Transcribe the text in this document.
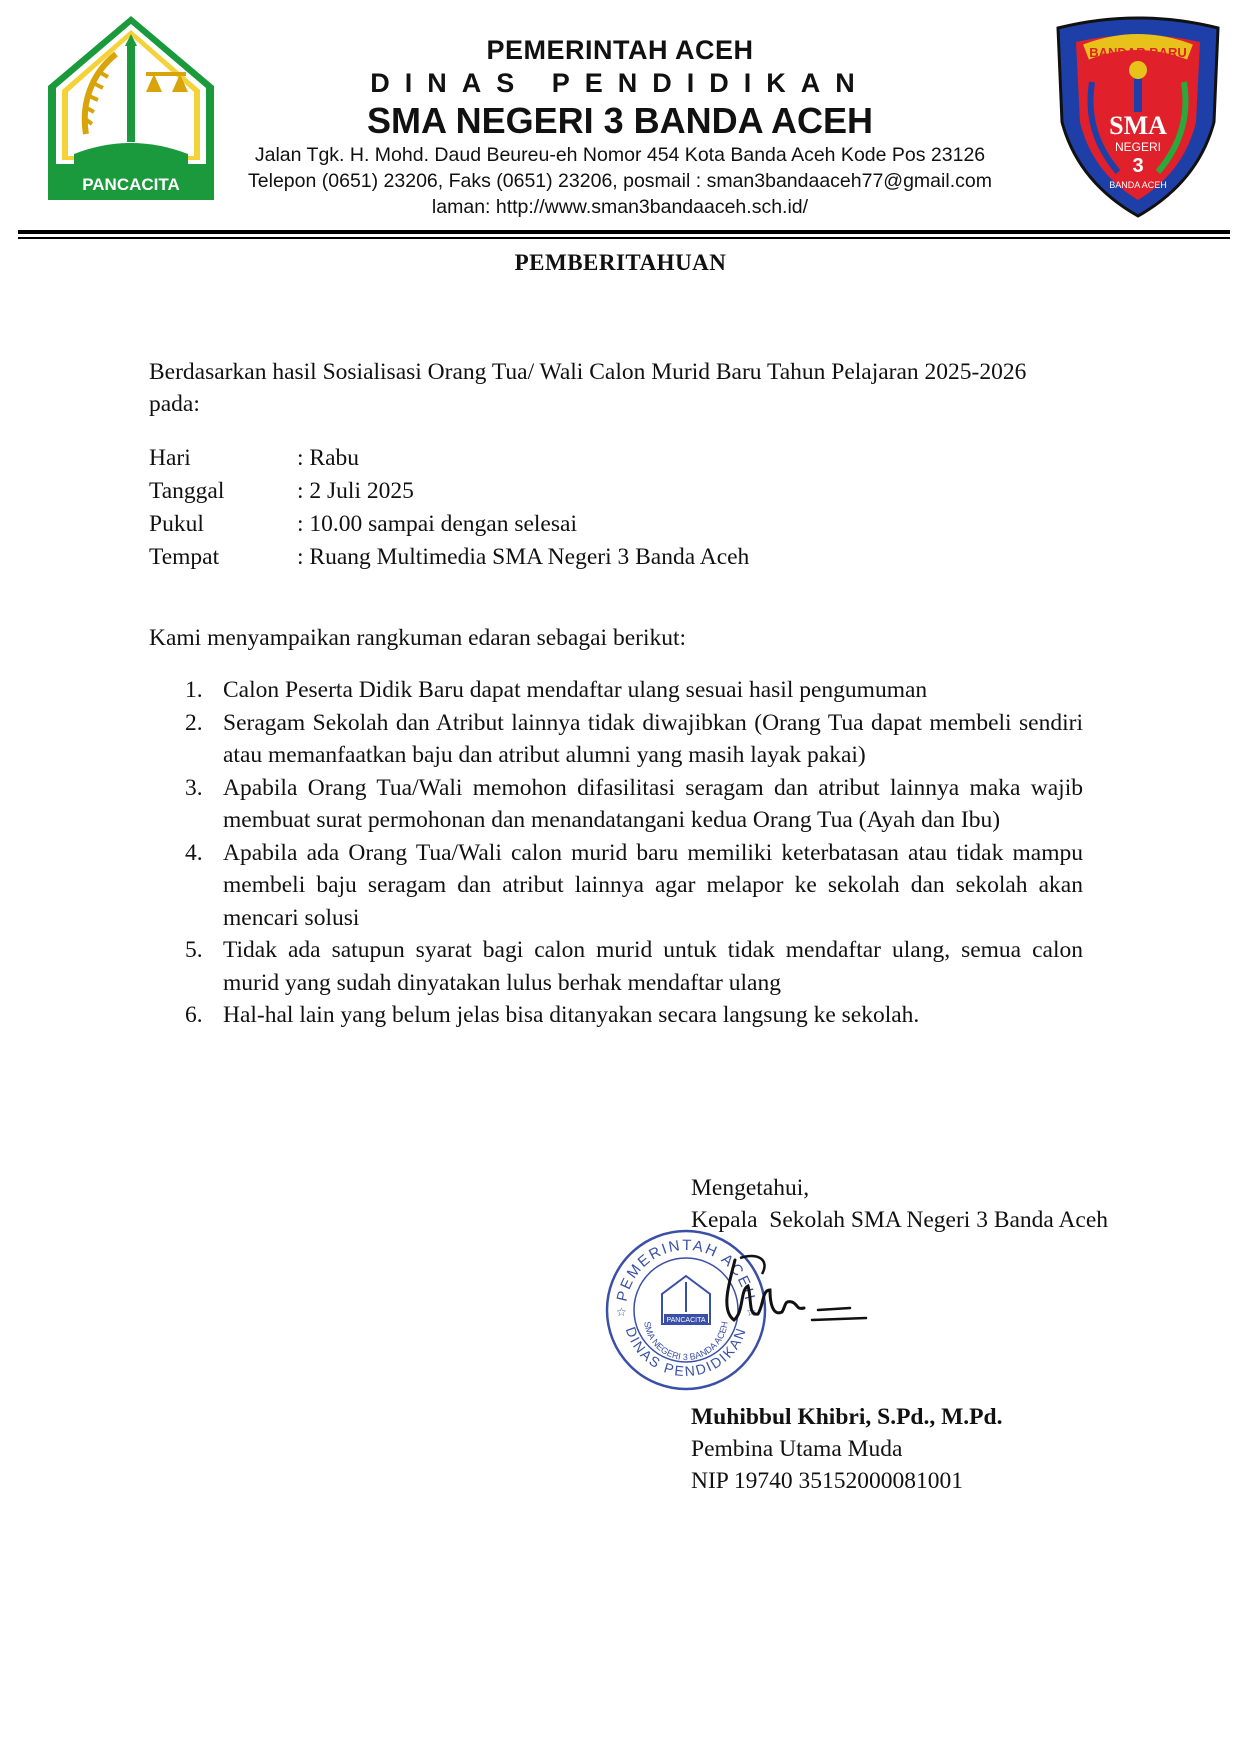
PANCACITA
PEMERINTAH ACEH
DINAS PENDIDIKAN
SMA NEGERI 3 BANDA ACEH
Jalan Tgk. H. Mohd. Daud Beureu-eh Nomor 454 Kota Banda Aceh Kode Pos 23126
Telepon (0651) 23206, Faks (0651) 23206, posmail : sman3bandaaceh77@gmail.com
laman: http://www.sman3bandaaceh.sch.id/
BANDAR BARU
SMA
NEGERI
3
BANDA ACEH
PEMBERITAHUAN

Berdasarkan hasil Sosialisasi Orang Tua/ Wali Calon Murid Baru Tahun Pelajaran 2025-2026 pada:

Hari	: Rabu
Tanggal	: 2 Juli 2025
Pukul	: 10.00 sampai dengan selesai
Tempat	: Ruang Multimedia SMA Negeri 3 Banda Aceh
Kami menyampaikan rangkuman edaran sebagai berikut:
1. Calon Peserta Didik Baru dapat mendaftar ulang sesuai hasil pengumuman
2. Seragam Sekolah dan Atribut lainnya tidak diwajibkan (Orang Tua dapat membeli sendiri atau memanfaatkan baju dan atribut alumni yang masih layak pakai)
3. Apabila Orang Tua/Wali memohon difasilitasi seragam dan atribut lainnya maka wajib membuat surat permohonan dan menandatangani kedua Orang Tua (Ayah dan Ibu)
4. Apabila ada Orang Tua/Wali calon murid baru memiliki keterbatasan atau tidak mampu membeli baju seragam dan atribut lainnya agar melapor ke sekolah dan sekolah akan mencari solusi
5. Tidak ada satupun syarat bagi calon murid untuk tidak mendaftar ulang, semua calon murid yang sudah dinyatakan lulus berhak mendaftar ulang
6. Hal-hal lain yang belum jelas bisa ditanyakan secara langsung ke sekolah.
PEMERINTAH ACEH
DINAS PENDIDIKAN
SMA NEGERI 3 BANDA ACEH
☆	☆
PANCACITA
Mengetahui,
Kepala  Sekolah SMA Negeri 3 Banda Aceh
Muhibbul Khibri, S.Pd., M.Pd.
Pembina Utama Muda
NIP 19740 35152000081001
